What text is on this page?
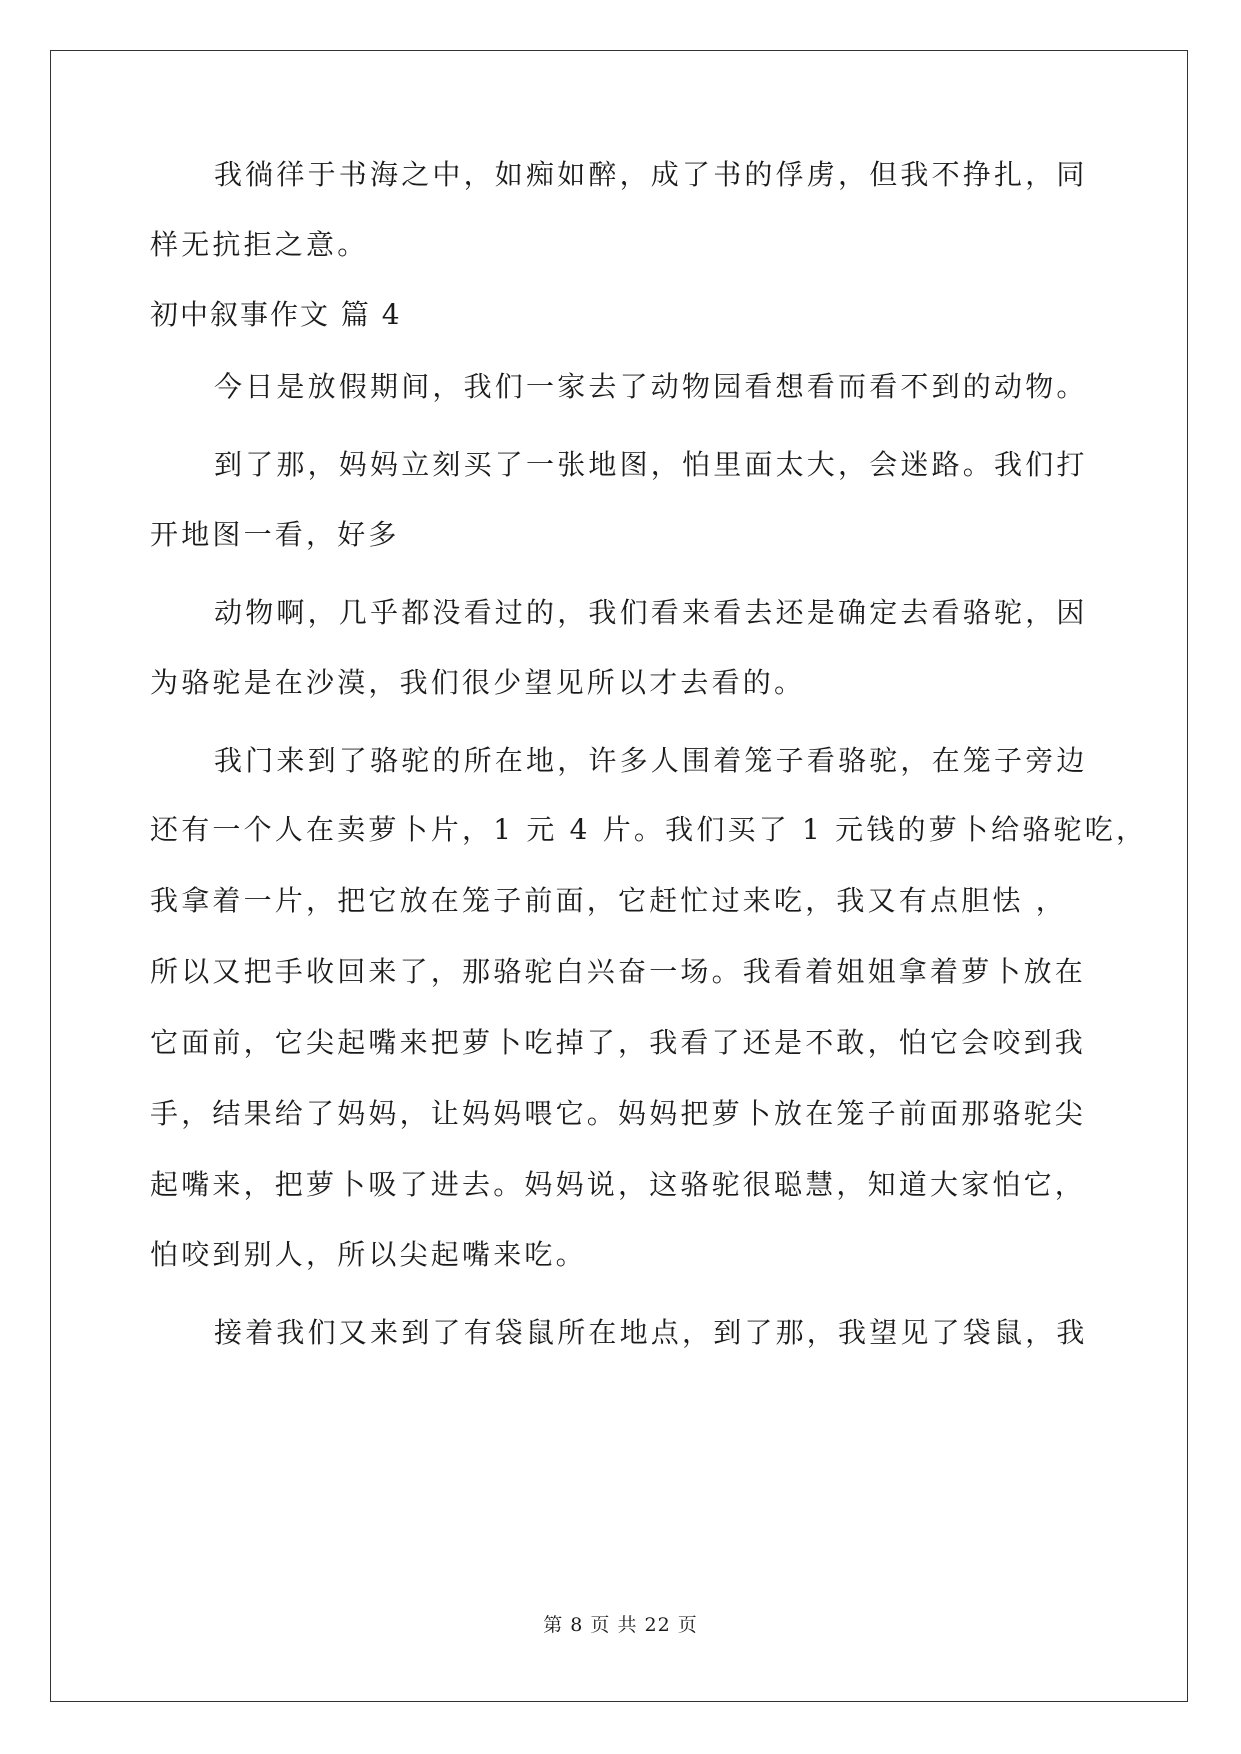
我徜徉于书海之中，如痴如醉，成了书的俘虏，但我不挣扎，同
样无抗拒之意。
初中叙事作文 篇 4
今日是放假期间，我们一家去了动物园看想看而看不到的动物。
到了那，妈妈立刻买了一张地图，怕里面太大，会迷路。我们打
开地图一看，好多
动物啊，几乎都没看过的，我们看来看去还是确定去看骆驼，因
为骆驼是在沙漠，我们很少望见所以才去看的。
我门来到了骆驼的所在地，许多人围着笼子看骆驼，在笼子旁边
还有一个人在卖萝卜片，1 元 4 片。我们买了 1 元钱的萝卜给骆驼吃，
我拿着一片，把它放在笼子前面，它赶忙过来吃，我又有点胆怯 ，
所以又把手收回来了，那骆驼白兴奋一场。我看着姐姐拿着萝卜放在
它面前，它尖起嘴来把萝卜吃掉了，我看了还是不敢，怕它会咬到我
手，结果给了妈妈，让妈妈喂它。妈妈把萝卜放在笼子前面那骆驼尖
起嘴来，把萝卜吸了进去。妈妈说，这骆驼很聪慧，知道大家怕它，
怕咬到别人，所以尖起嘴来吃。
接着我们又来到了有袋鼠所在地点，到了那，我望见了袋鼠，我
第 8 页 共 22 页
